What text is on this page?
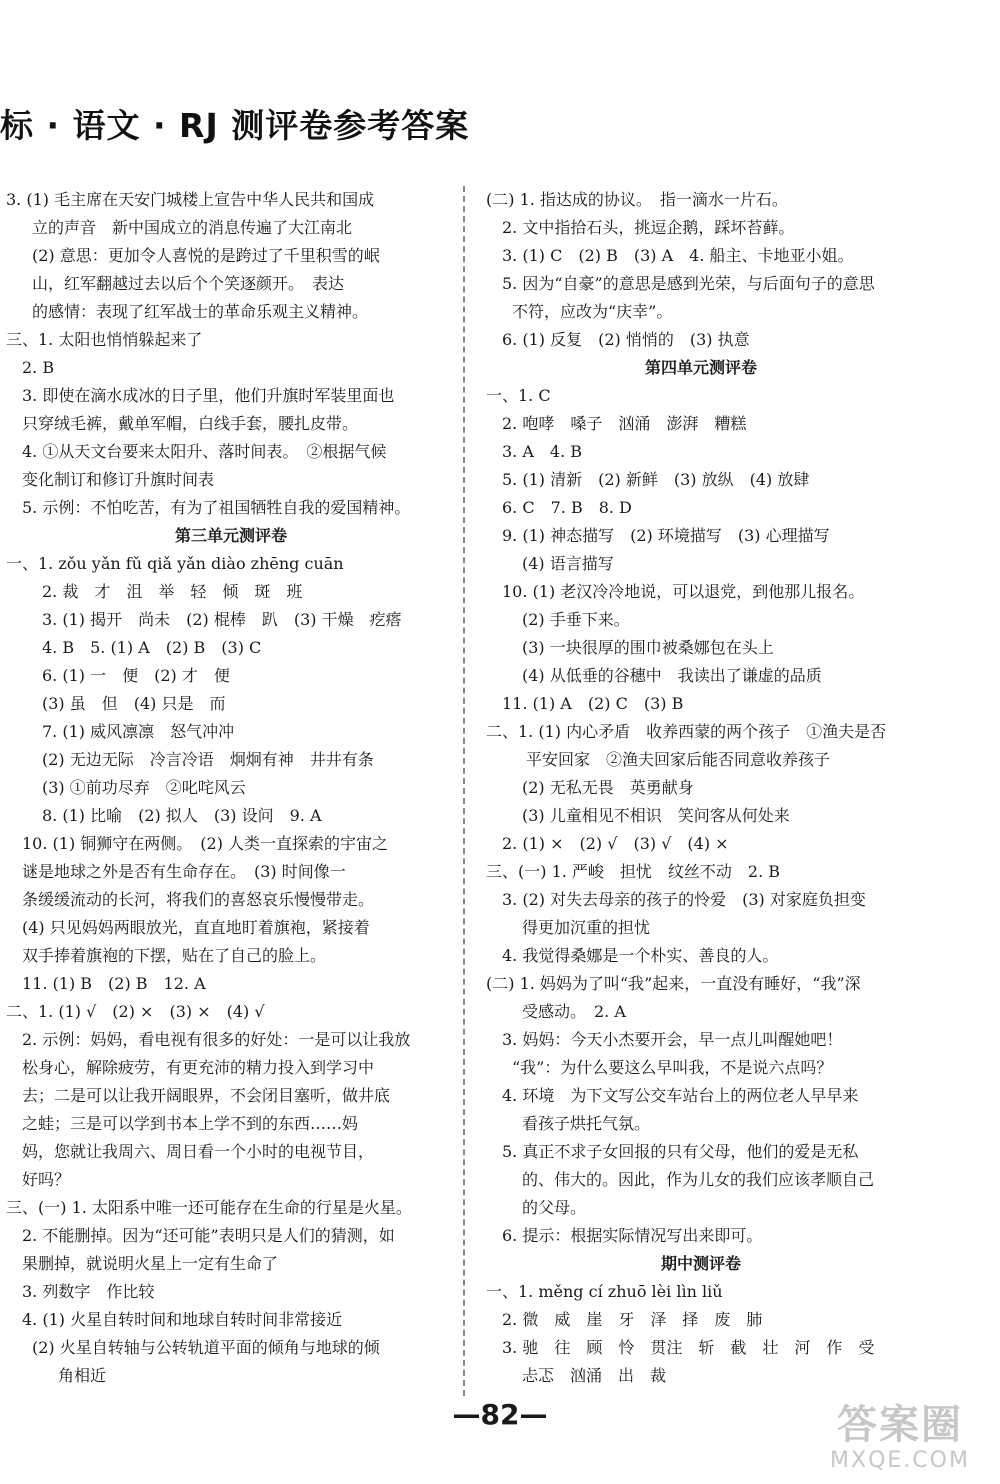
标 · 语文 · RJ 测评卷参考答案
3. (1) 毛主席在天安门城楼上宣告中华人民共和国成
立的声音　新中国成立的消息传遍了大江南北
(2) 意思：更加令人喜悦的是跨过了千里积雪的岷
山，红军翻越过去以后个个笑逐颜开。　表达
的感情：表现了红军战士的革命乐观主义精神。
三、1. 太阳也悄悄躲起来了
2. B
3. 即使在滴水成冰的日子里，他们升旗时军装里面也
只穿绒毛裤，戴单军帽，白线手套，腰扎皮带。
4. ①从天文台要来太阳升、落时间表。　②根据气候
变化制订和修订升旗时间表
5. 示例：不怕吃苦，有为了祖国牺牲自我的爱国精神。
第三单元测评卷
一、1. zǒu yǎn fǔ qiǎ yǎn diào zhēng cuān
2. 裁　才　沮　举　轻　倾　斑　班
3. (1) 揭开　尚未　(2) 棍棒　趴　(3) 干燥　疙瘩
4. B　5. (1) A　(2) B　(3) C
6. (1) 一　便　(2) 才　便
(3) 虽　但　(4) 只是　而
7. (1) 威风凛凛　怒气冲冲
(2) 无边无际　冷言冷语　炯炯有神　井井有条
(3) ①前功尽弃　②叱咤风云
8. (1) 比喻　(2) 拟人　(3) 设问　9. A
10. (1) 铜狮守在两侧。　(2) 人类一直探索的宇宙之
谜是地球之外是否有生命存在。　(3) 时间像一
条缓缓流动的长河，将我们的喜怒哀乐慢慢带走。
(4) 只见妈妈两眼放光，直直地盯着旗袍，紧接着
双手捧着旗袍的下摆，贴在了自己的脸上。
11. (1) B　(2) B　12. A
二、1. (1) √　(2) ×　(3) ×　(4) √
2. 示例：妈妈，看电视有很多的好处：一是可以让我放
松身心，解除疲劳，有更充沛的精力投入到学习中
去；二是可以让我开阔眼界，不会闭目塞听，做井底
之蛙；三是可以学到书本上学不到的东西……妈
妈，您就让我周六、周日看一个小时的电视节目，
好吗？
三、(一) 1. 太阳系中唯一还可能存在生命的行星是火星。
2. 不能删掉。因为“还可能”表明只是人们的猜测，如
果删掉，就说明火星上一定有生命了
3. 列数字　作比较
4. (1) 火星自转时间和地球自转时间非常接近
(2) 火星自转轴与公转轨道平面的倾角与地球的倾
角相近
(二) 1. 指达成的协议。　指一滴水一片石。
2. 文中指拾石头，挑逗企鹅，踩坏苔藓。
3. (1) C　(2) B　(3) A　4. 船主、卡地亚小姐。
5. 因为“自豪”的意思是感到光荣，与后面句子的意思
不符，应改为“庆幸”。
6. (1) 反复　(2) 悄悄的　(3) 执意
第四单元测评卷
一、1. C
2. 咆哮　嗓子　汹涌　澎湃　糟糕
3. A　4. B
5. (1) 清新　(2) 新鲜　(3) 放纵　(4) 放肆
6. C　7. B　8. D
9. (1) 神态描写　(2) 环境描写　(3) 心理描写
(4) 语言描写
10. (1) 老汉冷冷地说，可以退党，到他那儿报名。
(2) 手垂下来。
(3) 一块很厚的围巾被桑娜包在头上
(4) 从低垂的谷穗中　我读出了谦虚的品质
11. (1) A　(2) C　(3) B
二、1. (1) 内心矛盾　收养西蒙的两个孩子　①渔夫是否
平安回家　②渔夫回家后能否同意收养孩子
(2) 无私无畏　英勇献身
(3) 儿童相见不相识　笑问客从何处来
2. (1) ×　(2) √　(3) √　(4) ×
三、(一) 1. 严峻　担忧　纹丝不动　2. B
3. (2) 对失去母亲的孩子的怜爱　(3) 对家庭负担变
得更加沉重的担忧
4. 我觉得桑娜是一个朴实、善良的人。
(二) 1. 妈妈为了叫“我”起来，一直没有睡好，“我”深
受感动。　2. A
3. 妈妈：今天小杰要开会，早一点儿叫醒她吧！
“我”：为什么要这么早叫我，不是说六点吗？
4. 环境　为下文写公交车站台上的两位老人早早来
看孩子烘托气氛。
5. 真正不求子女回报的只有父母，他们的爱是无私
的、伟大的。因此，作为儿女的我们应该孝顺自己
的父母。
6. 提示：根据实际情况写出来即可。
期中测评卷
一、1. měng cí zhuō lèi lìn liǔ
2. 微　威　崖　牙　泽　择　废　肺
3. 驰　往　顾　怜　贯注　斩　截　壮　河　作　受
忐忑　汹涌　出　裁
—82—	答案圈
MXQE.COM
